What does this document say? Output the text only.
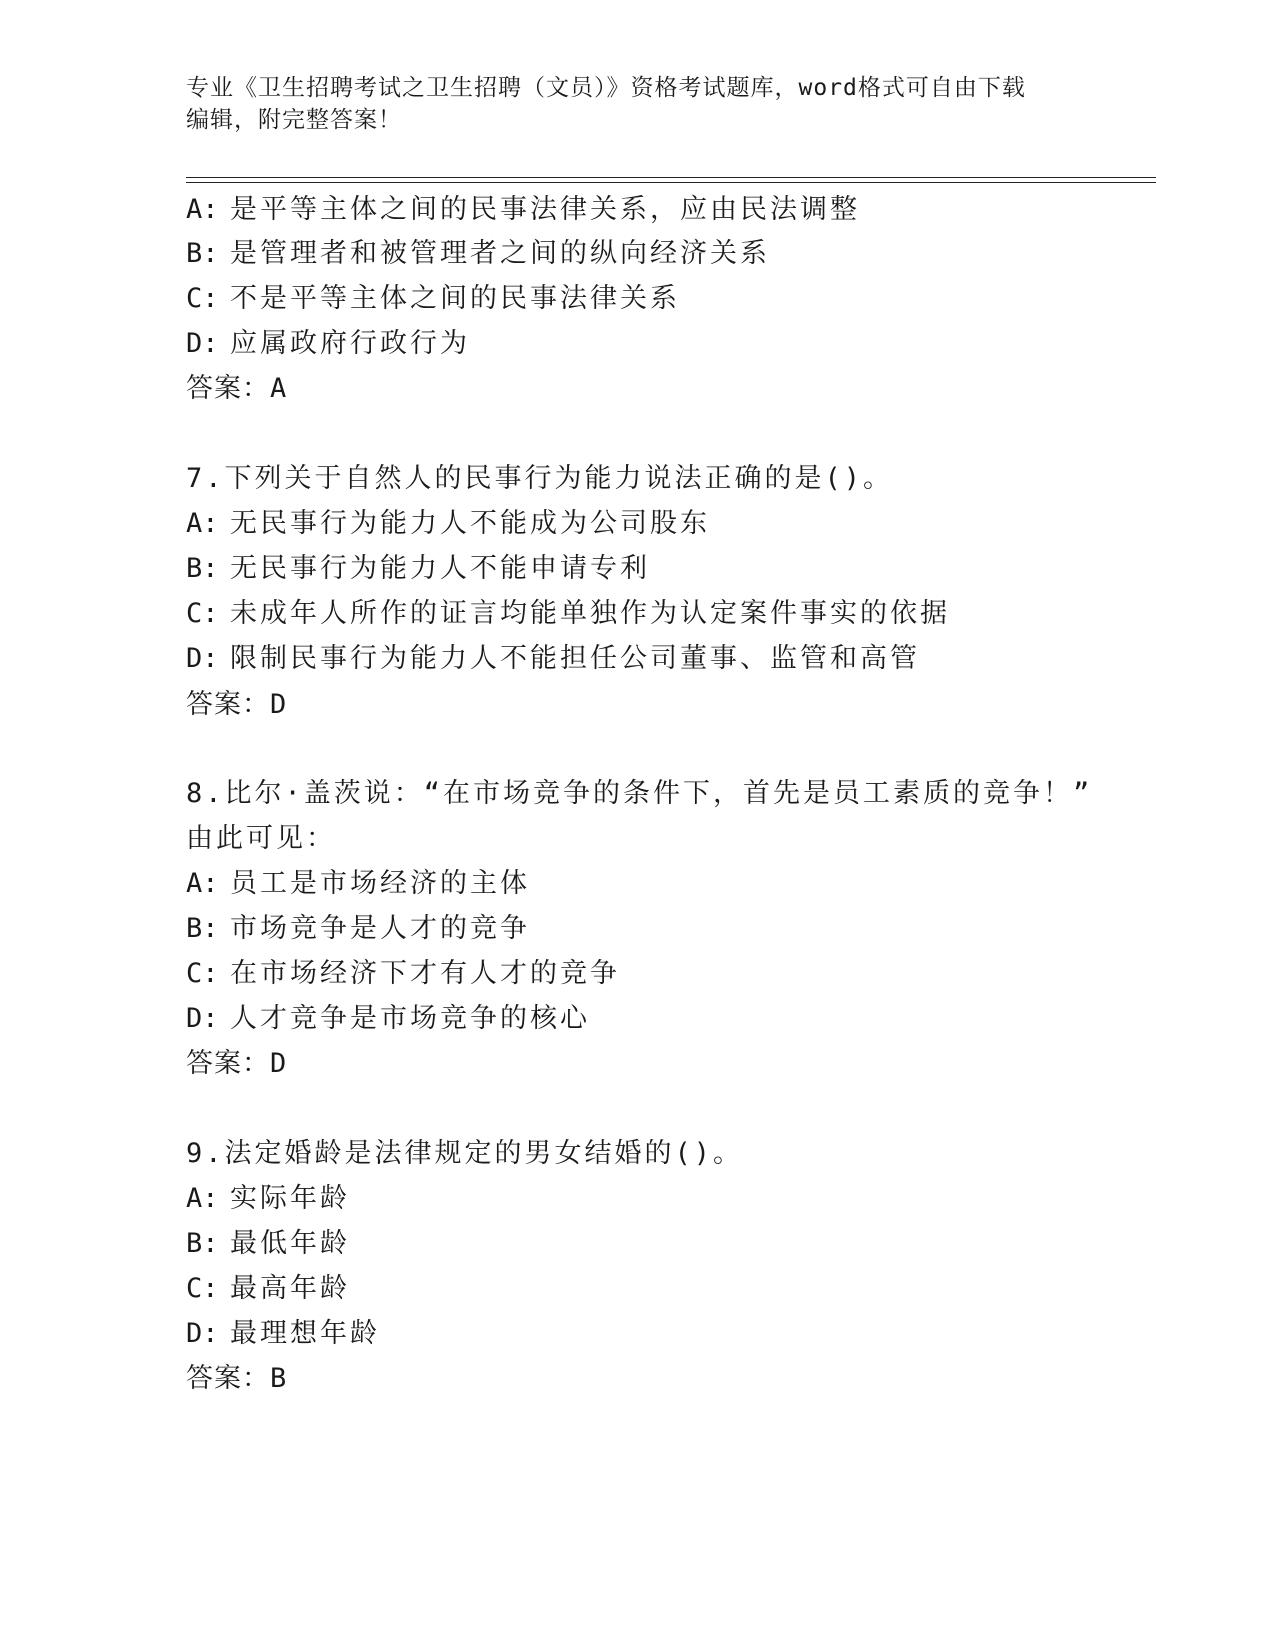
专业《卫生招聘考试之卫生招聘（文员）》资格考试题库，word格式可自由下载
编辑，附完整答案！
A: 是平等主体之间的民事法律关系，应由民法调整
B: 是管理者和被管理者之间的纵向经济关系
C: 不是平等主体之间的民事法律关系
D: 应属政府行政行为
答案：A
7.下列关于自然人的民事行为能力说法正确的是()。
A: 无民事行为能力人不能成为公司股东
B: 无民事行为能力人不能申请专利
C: 未成年人所作的证言均能单独作为认定案件事实的依据
D: 限制民事行为能力人不能担任公司董事、监管和高管
答案：D
8.比尔·盖茨说：“在市场竞争的条件下，首先是员工素质的竞争！”
由此可见：
A: 员工是市场经济的主体
B: 市场竞争是人才的竞争
C: 在市场经济下才有人才的竞争
D: 人才竞争是市场竞争的核心
答案：D
9.法定婚龄是法律规定的男女结婚的()。
A: 实际年龄
B: 最低年龄
C: 最高年龄
D: 最理想年龄
答案：B
